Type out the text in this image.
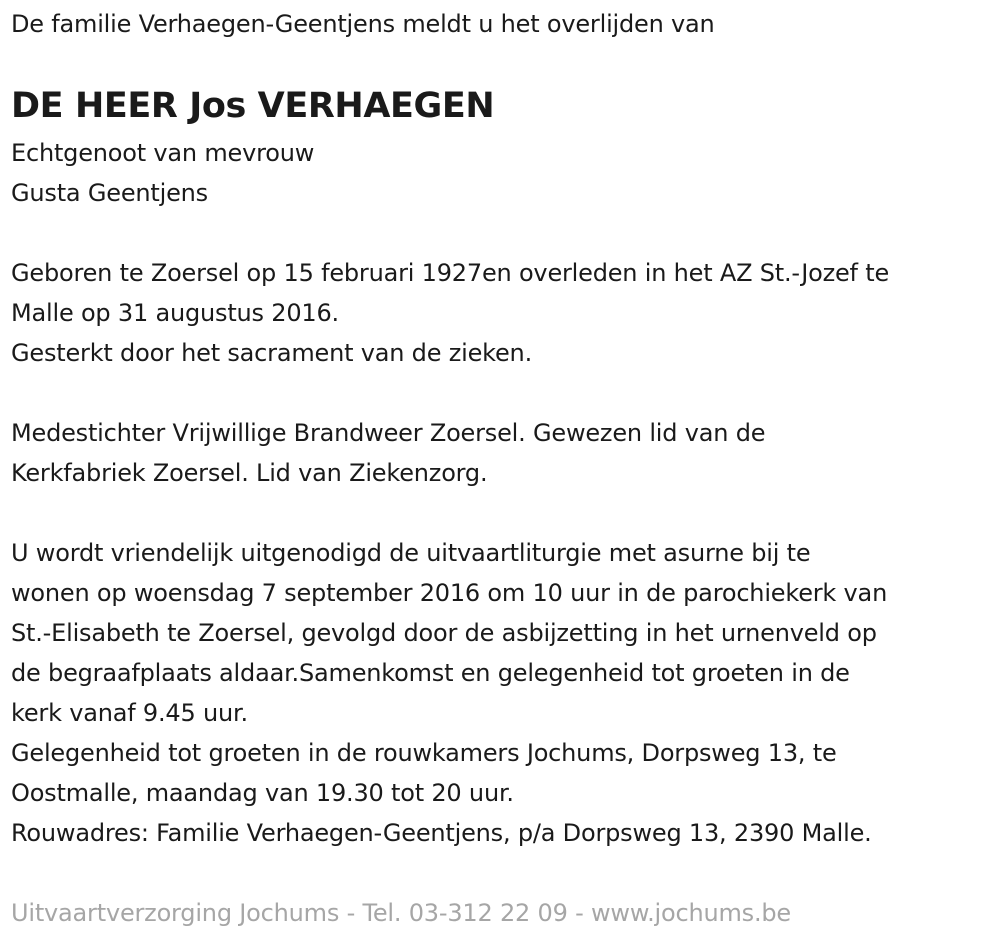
De familie Verhaegen-Geentjens meldt u het overlijden van
DE HEER Jos VERHAEGEN
Echtgenoot van mevrouw
Gusta Geentjens
Geboren te Zoersel op 15 februari 1927en overleden in het AZ St.-Jozef te
Malle op 31 augustus 2016.
Gesterkt door het sacrament van de zieken.
Medestichter Vrijwillige Brandweer Zoersel. Gewezen lid van de
Kerkfabriek Zoersel. Lid van Ziekenzorg.
U wordt vriendelijk uitgenodigd de uitvaartliturgie met asurne bij te
wonen op woensdag 7 september 2016 om 10 uur in de parochiekerk van
St.-Elisabeth te Zoersel, gevolgd door de asbijzetting in het urnenveld op
de begraafplaats aldaar.Samenkomst en gelegenheid tot groeten in de
kerk vanaf 9.45 uur.
Gelegenheid tot groeten in de rouwkamers Jochums, Dorpsweg 13, te
Oostmalle, maandag van 19.30 tot 20 uur.
Rouwadres: Familie Verhaegen-Geentjens, p/a Dorpsweg 13, 2390 Malle.
Uitvaartverzorging Jochums - Tel. 03-312 22 09 - www.jochums.be
